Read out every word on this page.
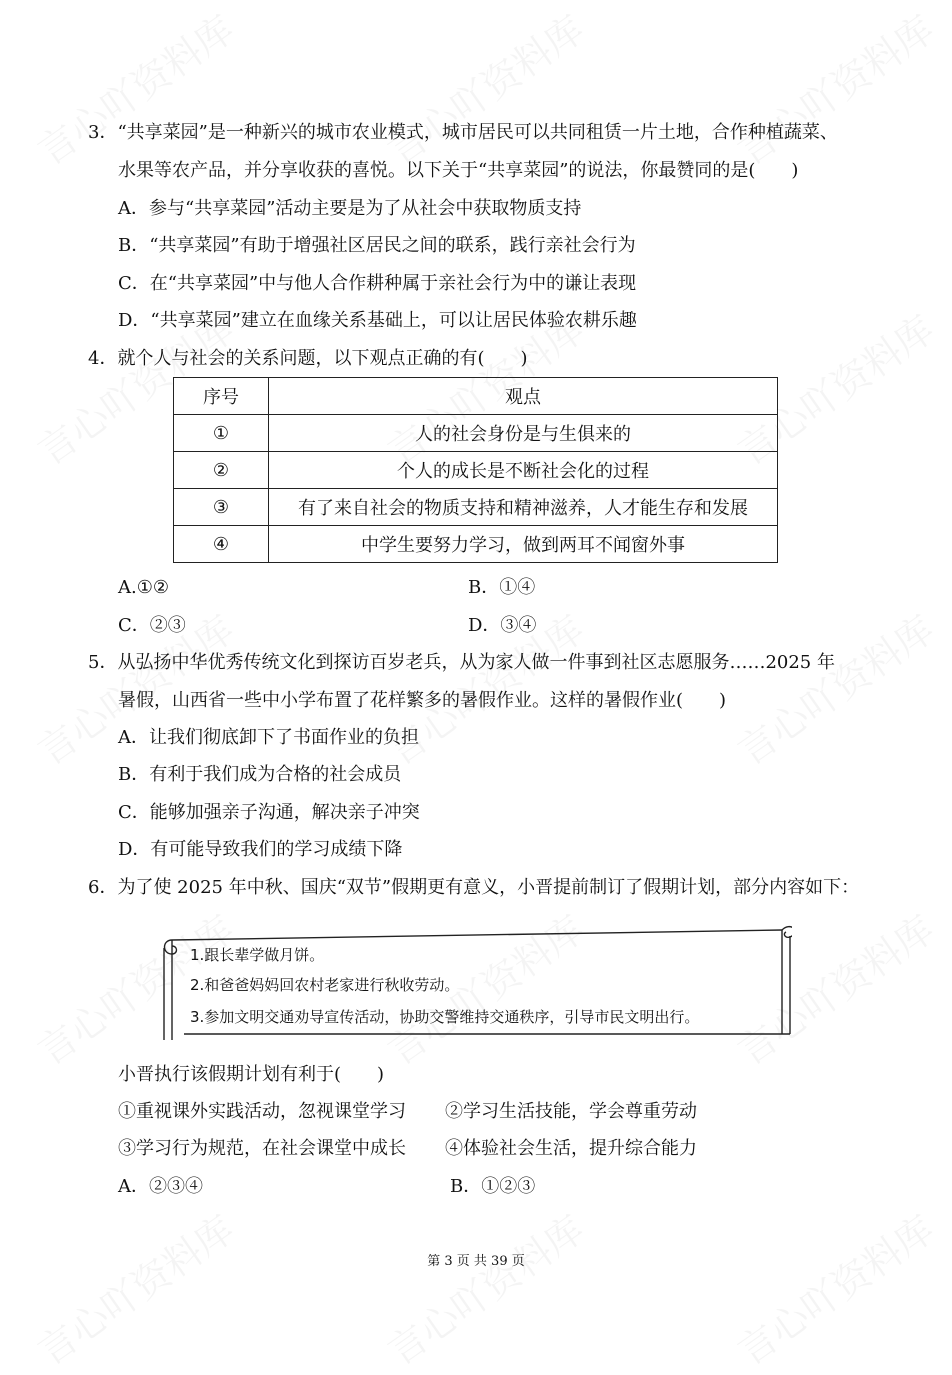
3．“共享菜园”是一种新兴的城市农业模式，城市居民可以共同租赁一片土地，合作种植蔬菜、
水果等农产品，并分享收获的喜悦。以下关于“共享菜园”的说法，你最赞同的是(　　)
A．参与“共享菜园”活动主要是为了从社会中获取物质支持
B．“共享菜园”有助于增强社区居民之间的联系，践行亲社会行为
C．在“共享菜园”中与他人合作耕种属于亲社会行为中的谦让表现
D．“共享菜园”建立在血缘关系基础上，可以让居民体验农耕乐趣
4．就个人与社会的关系问题，以下观点正确的有(　　)
序号	观点
①	人的社会身份是与生俱来的
②	个人的成长是不断社会化的过程
③	有了来自社会的物质支持和精神滋养，人才能生存和发展
④	中学生要努力学习，做到两耳不闻窗外事
A.①②	B．①④
C．②③	D．③④
5．从弘扬中华优秀传统文化到探访百岁老兵，从为家人做一件事到社区志愿服务……2025 年
暑假，山西省一些中小学布置了花样繁多的暑假作业。这样的暑假作业(　　)
A．让我们彻底卸下了书面作业的负担
B．有利于我们成为合格的社会成员
C．能够加强亲子沟通，解决亲子冲突
D．有可能导致我们的学习成绩下降
6．为了使 2025 年中秋、国庆“双节”假期更有意义，小晋提前制订了假期计划，部分内容如下：
1.跟长辈学做月饼。
2.和爸爸妈妈回农村老家进行秋收劳动。
3.参加文明交通劝导宣传活动，协助交警维持交通秩序，引导市民文明出行。
小晋执行该假期计划有利于(　　)
①重视课外实践活动，忽视课堂学习 ②学习生活技能，学会尊重劳动
③学习行为规范，在社会课堂中成长 ④体验社会生活，提升综合能力
A．②③④	B．①②③
第 3 页 共 39 页
